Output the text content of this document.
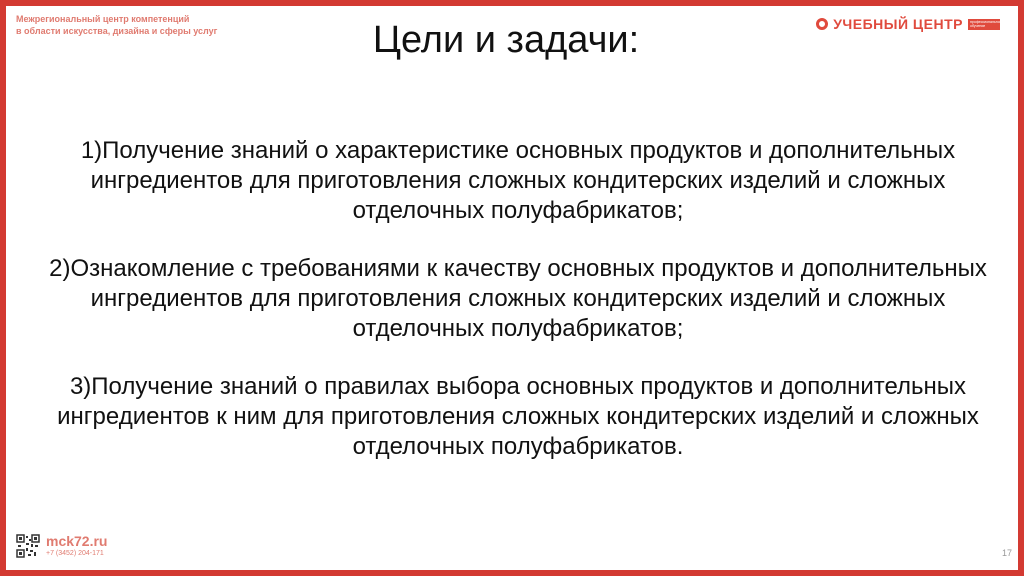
Межрегиональный центр компетенций
в области искусства, дизайна и сферы услуг	Цели и задачи:	УЧЕБНЫЙ ЦЕНТР	профессиональное обучение

1)Получение знаний о характеристике основных продуктов и дополнительных ингредиентов для приготовления сложных кондитерских изделий и сложных отделочных полуфабрикатов;

2)Ознакомление с требованиями к качеству основных продуктов и дополнительных ингредиентов для приготовления сложных кондитерских изделий и сложных отделочных полуфабрикатов;

3)Получение знаний о правилах выбора основных продуктов и дополнительных ингредиентов к ним для приготовления сложных кондитерских изделий и сложных отделочных полуфабрикатов.

mck72.ru
+7 (3452) 204-171	17
